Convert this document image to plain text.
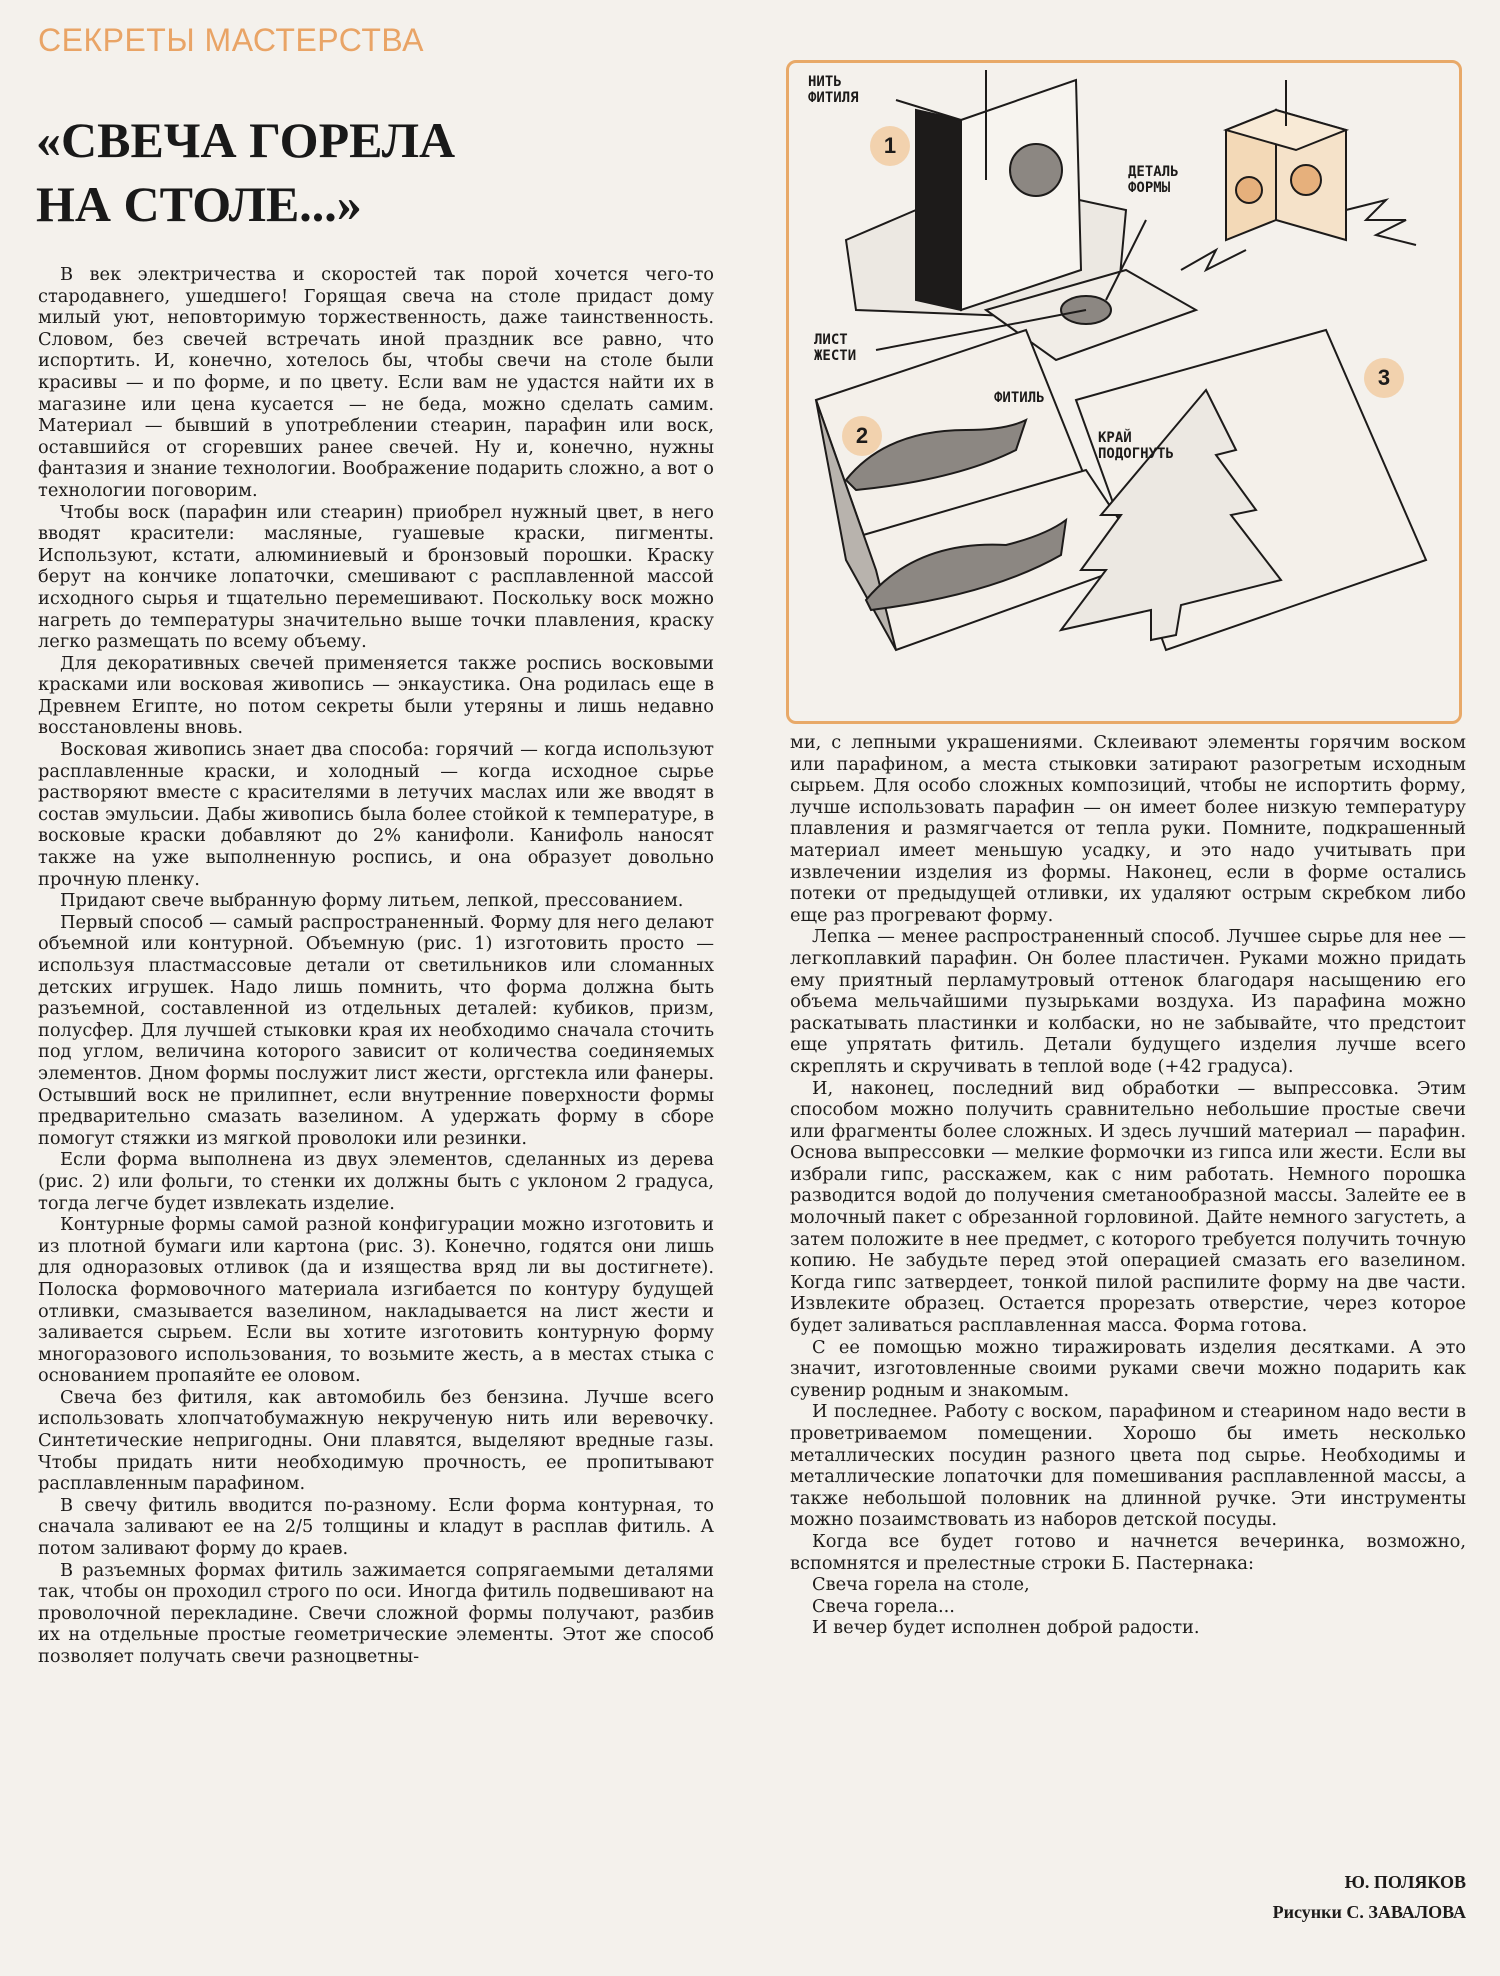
СЕКРЕТЫ МАСТЕРСТВА
«СВЕЧА ГОРЕЛА
НА СТОЛЕ...»
НИТЬ
ФИТИЛЯ
ДЕТАЛЬ
ФОРМЫ
ЛИСТ
ЖЕСТИ
ФИТИЛЬ
КРАЙ
ПОДОГНУТЬ
1
2
3

В век электричества и скоростей так порой хочется чего-то стародавнего, ушедшего! Горящая свеча на столе придаст дому милый уют, неповторимую торжественность, даже таинственность. Словом, без свечей встречать иной праздник все равно, что испортить. И, конечно, хотелось бы, чтобы свечи на столе были красивы — и по форме, и по цвету. Если вам не удастся найти их в магазине или цена кусается — не беда, можно сделать самим. Материал — бывший в употреблении стеарин, парафин или воск, оставшийся от сгоревших ранее свечей. Ну и, конечно, нужны фантазия и знание технологии. Воображение подарить сложно, а вот о технологии поговорим.

Чтобы воск (парафин или стеарин) приобрел нужный цвет, в него вводят красители: масляные, гуашевые краски, пигменты. Используют, кстати, алюминиевый и бронзовый порошки. Краску берут на кончике лопаточки, смешивают с расплавленной массой исходного сырья и тщательно перемешивают. Поскольку воск можно нагреть до температуры значительно выше точки плавления, краску легко размещать по всему объему.

Для декоративных свечей применяется также роспись восковыми красками или восковая живопись — энкаустика. Она родилась еще в Древнем Египте, но потом секреты были утеряны и лишь недавно восстановлены вновь.

Восковая живопись знает два способа: горячий — когда используют расплавленные краски, и холодный — когда исходное сырье растворяют вместе с красителями в летучих маслах или же вводят в состав эмульсии. Дабы живопись была более стойкой к температуре, в восковые краски добавляют до 2% канифоли. Канифоль наносят также на уже выполненную роспись, и она образует довольно прочную пленку.

Придают свече выбранную форму литьем, лепкой, прессованием.

Первый способ — самый распространенный. Форму для него делают объемной или контурной. Объемную (рис. 1) изготовить просто — используя пластмассовые детали от светильников или сломанных детских игрушек. Надо лишь помнить, что форма должна быть разъемной, составленной из отдельных деталей: кубиков, призм, полусфер. Для лучшей стыковки края их необходимо сначала сточить под углом, величина которого зависит от количества соединяемых элементов. Дном формы послужит лист жести, оргстекла или фанеры. Остывший воск не прилипнет, если внутренние поверхности формы предварительно смазать вазелином. А удержать форму в сборе помогут стяжки из мягкой проволоки или резинки.

Если форма выполнена из двух элементов, сделанных из дерева (рис. 2) или фольги, то стенки их должны быть с уклоном 2 градуса, тогда легче будет извлекать изделие.

Контурные формы самой разной конфигурации можно изготовить и из плотной бумаги или картона (рис. 3). Конечно, годятся они лишь для одноразовых отливок (да и изящества вряд ли вы достигнете). Полоска формовочного материала изгибается по контуру будущей отливки, смазывается вазелином, накладывается на лист жести и заливается сырьем. Если вы хотите изготовить контурную форму многоразового использования, то возьмите жесть, а в местах стыка с основанием пропаяйте ее оловом.

Свеча без фитиля, как автомобиль без бензина. Лучше всего использовать хлопчатобумажную некрученую нить или веревочку. Синтетические непригодны. Они плавятся, выделяют вредные газы. Чтобы придать нити необходимую прочность, ее пропитывают расплавленным парафином.

В свечу фитиль вводится по-разному. Если форма контурная, то сначала заливают ее на 2/5 толщины и кладут в расплав фитиль. А потом заливают форму до краев.

В разъемных формах фитиль зажимается сопрягаемыми деталями так, чтобы он проходил строго по оси. Иногда фитиль подвешивают на проволочной перекладине. Свечи сложной формы получают, разбив их на отдельные простые геометрические элементы. Этот же способ позволяет получать свечи разноцветны-

ми, с лепными украшениями. Склеивают элементы горячим воском или парафином, а места стыковки затирают разогретым исходным сырьем. Для особо сложных композиций, чтобы не испортить форму, лучше использовать парафин — он имеет более низкую температуру плавления и размягчается от тепла руки. Помните, подкрашенный материал имеет меньшую усадку, и это надо учитывать при извлечении изделия из формы. Наконец, если в форме остались потеки от предыдущей отливки, их удаляют острым скребком либо еще раз прогревают форму.

Лепка — менее распространенный способ. Лучшее сырье для нее — легкоплавкий парафин. Он более пластичен. Руками можно придать ему приятный перламутровый оттенок благодаря насыщению его объема мельчайшими пузырьками воздуха. Из парафина можно раскатывать пластинки и колбаски, но не забывайте, что предстоит еще упрятать фитиль. Детали будущего изделия лучше всего скреплять и скручивать в теплой воде (+42 градуса).

И, наконец, последний вид обработки — выпрессовка. Этим способом можно получить сравнительно небольшие простые свечи или фрагменты более сложных. И здесь лучший материал — парафин. Основа выпрессовки — мелкие формочки из гипса или жести. Если вы избрали гипс, расскажем, как с ним работать. Немного порошка разводится водой до получения сметанообразной массы. Залейте ее в молочный пакет с обрезанной горловиной. Дайте немного загустеть, а затем положите в нее предмет, с которого требуется получить точную копию. Не забудьте перед этой операцией смазать его вазелином. Когда гипс затвердеет, тонкой пилой распилите форму на две части. Извлеките образец. Остается прорезать отверстие, через которое будет заливаться расплавленная масса. Форма готова.

С ее помощью можно тиражировать изделия десятками. А это значит, изготовленные своими руками свечи можно подарить как сувенир родным и знакомым.

И последнее. Работу с воском, парафином и стеарином надо вести в проветриваемом помещении. Хорошо бы иметь несколько металлических посудин разного цвета под сырье. Необходимы и металлические лопаточки для помешивания расплавленной массы, а также небольшой половник на длинной ручке. Эти инструменты можно позаимствовать из наборов детской посуды.

Когда все будет готово и начнется вечеринка, возможно, вспомнятся и прелестные строки Б. Пастернака:

Свеча горела на столе,
Свеча горела...
И вечер будет исполнен доброй радости.
Ю. ПОЛЯКОВ
Рисунки С. ЗАВАЛОВА
